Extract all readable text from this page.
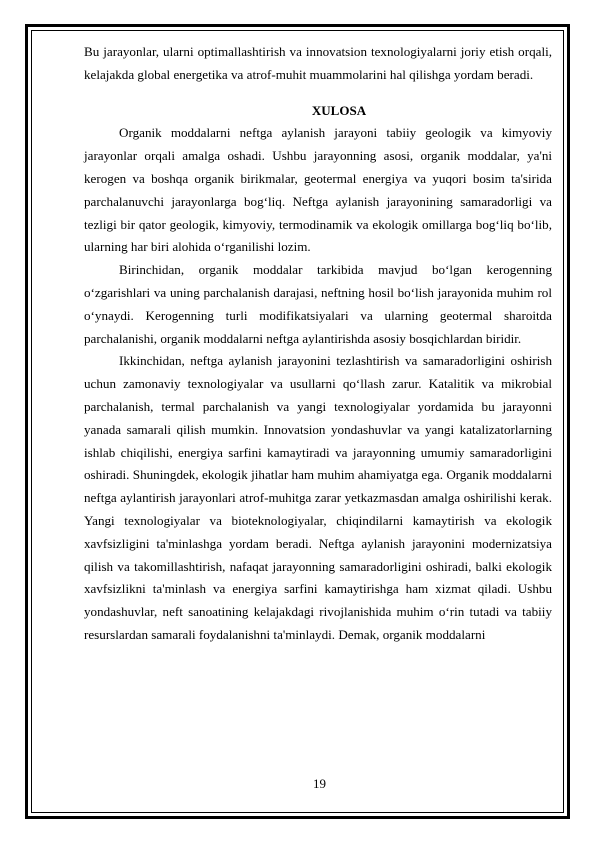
Bu jarayonlar, ularni optimallashtirish va innovatsion texnologiyalarni joriy etish orqali, kelajakda global energetika va atrof-muhit muammolarini hal qilishga yordam beradi.

XULOSA

Organik moddalarni neftga aylanish jarayoni tabiiy geologik va kimyoviy jarayonlar orqali amalga oshadi. Ushbu jarayonning asosi, organik moddalar, ya'ni kerogen va boshqa organik birikmalar, geotermal energiya va yuqori bosim ta'sirida parchalanuvchi jarayonlarga bog‘liq. Neftga aylanish jarayonining samaradorligi va tezligi bir qator geologik, kimyoviy, termodinamik va ekologik omillarga bog‘liq bo‘lib, ularning har biri alohida o‘rganilishi lozim.

Birinchidan, organik moddalar tarkibida mavjud bo‘lgan kerogenning o‘zgarishlari va uning parchalanish darajasi, neftning hosil bo‘lish jarayonida muhim rol o‘ynaydi. Kerogenning turli modifikatsiyalari va ularning geotermal sharoitda parchalanishi, organik moddalarni neftga aylantirishda asosiy bosqichlardan biridir.

Ikkinchidan, neftga aylanish jarayonini tezlashtirish va samaradorligini oshirish uchun zamonaviy texnologiyalar va usullarni qo‘llash zarur. Katalitik va mikrobial parchalanish, termal parchalanish va yangi texnologiyalar yordamida bu jarayonni yanada samarali qilish mumkin. Innovatsion yondashuvlar va yangi katalizatorlarning ishlab chiqilishi, energiya sarfini kamaytiradi va jarayonning umumiy samaradorligini oshiradi. Shuningdek, ekologik jihatlar ham muhim ahamiyatga ega. Organik moddalarni neftga aylantirish jarayonlari atrof-muhitga zarar yetkazmasdan amalga oshirilishi kerak. Yangi texnologiyalar va bioteknologiyalar, chiqindilarni kamaytirish va ekologik xavfsizligini ta'minlashga yordam beradi. Neftga aylanish jarayonini modernizatsiya qilish va takomillashtirish, nafaqat jarayonning samaradorligini oshiradi, balki ekologik xavfsizlikni ta'minlash va energiya sarfini kamaytirishga ham xizmat qiladi. Ushbu yondashuvlar, neft sanoatining kelajakdagi rivojlanishida muhim o‘rin tutadi va tabiiy resurslardan samarali foydalanishni ta'minlaydi. Demak, organik moddalarni

19
